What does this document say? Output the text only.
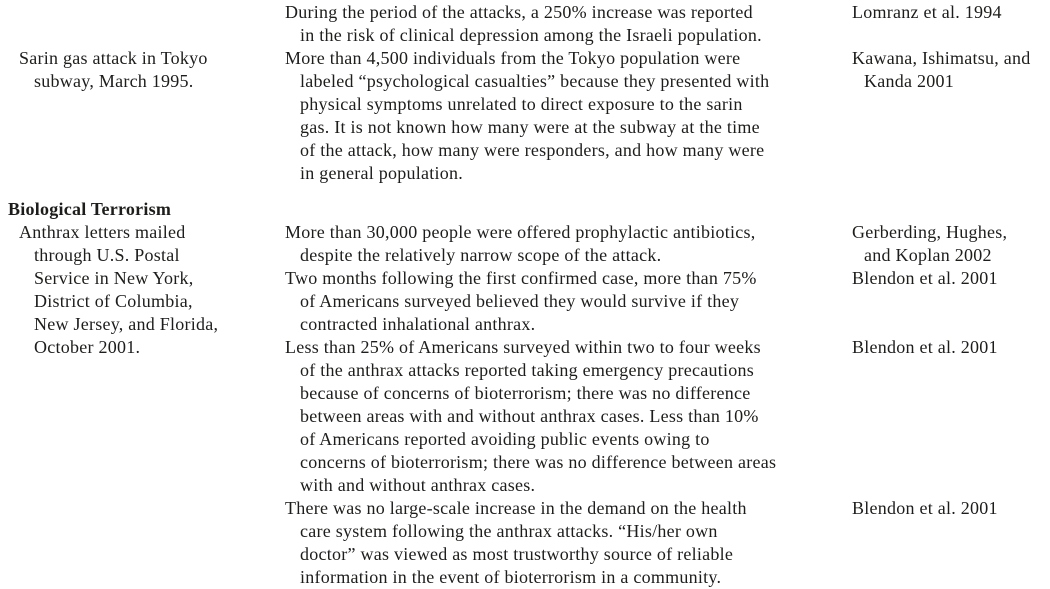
During the period of the attacks, a 250% increase was reported
in the risk of clinical depression among the Israeli population.
Lomranz et al. 1994
Sarin gas attack in Tokyo
subway, March 1995.
More than 4,500 individuals from the Tokyo population were
labeled “psychological casualties” because they presented with
physical symptoms unrelated to direct exposure to the sarin
gas. It is not known how many were at the subway at the time
of the attack, how many were responders, and how many were
in general population.
Kawana, Ishimatsu, and
Kanda 2001
Biological Terrorism
Anthrax letters mailed
through U.S. Postal
Service in New York,
District of Columbia,
New Jersey, and Florida,
October 2001.
More than 30,000 people were offered prophylactic antibiotics,
despite the relatively narrow scope of the attack.
Gerberding, Hughes,
and Koplan 2002
Two months following the first confirmed case, more than 75%
of Americans surveyed believed they would survive if they
contracted inhalational anthrax.
Blendon et al. 2001
Less than 25% of Americans surveyed within two to four weeks
of the anthrax attacks reported taking emergency precautions
because of concerns of bioterrorism; there was no difference
between areas with and without anthrax cases. Less than 10%
of Americans reported avoiding public events owing to
concerns of bioterrorism; there was no difference between areas
with and without anthrax cases.
Blendon et al. 2001
There was no large-scale increase in the demand on the health
care system following the anthrax attacks. “His/her own
doctor” was viewed as most trustworthy source of reliable
information in the event of bioterrorism in a community.
Blendon et al. 2001
